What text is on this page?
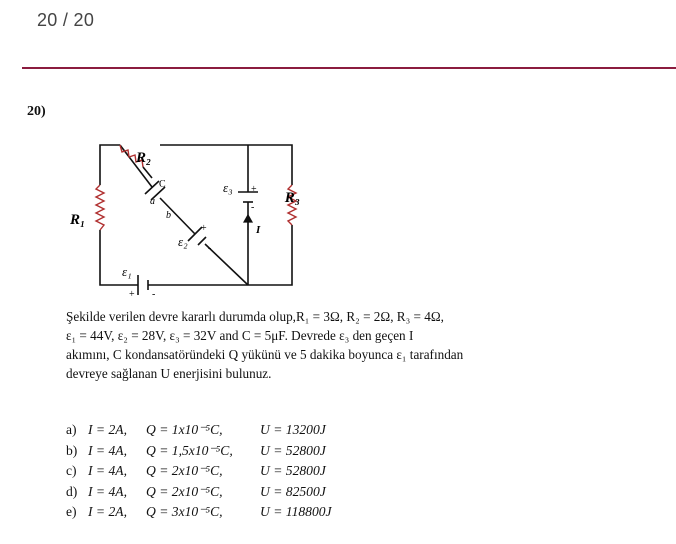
20 / 20
20)
R₂
R₁
R₃
C
a
b
ε₃ +
-
ε₂
+
-
I
ε₁
+ -

Şekilde verilen devre kararlı durumda olup,R₁ = 3Ω, R₂ = 2Ω, R₃ = 4Ω,

ε₁ = 44V, ε₂ = 28V, ε₃ = 32V and C = 5μF. Devrede ε₃ den geçen I

akımını, C kondansatöründeki Q yükünü ve 5 dakika boyunca ε₁ tarafından

devreye sağlanan U enerjisini bulunuz.

a) I = 2A, Q = 1x10⁻⁵C,	U = 13200J
b) I = 4A, Q = 1,5x10⁻⁵C, U = 52800J
c) I = 4A, Q = 2x10⁻⁵C,	U = 52800J
d) I = 4A, Q = 2x10⁻⁵C,	U = 82500J
e) I = 2A, Q = 3x10⁻⁵C,	U = 118800J
